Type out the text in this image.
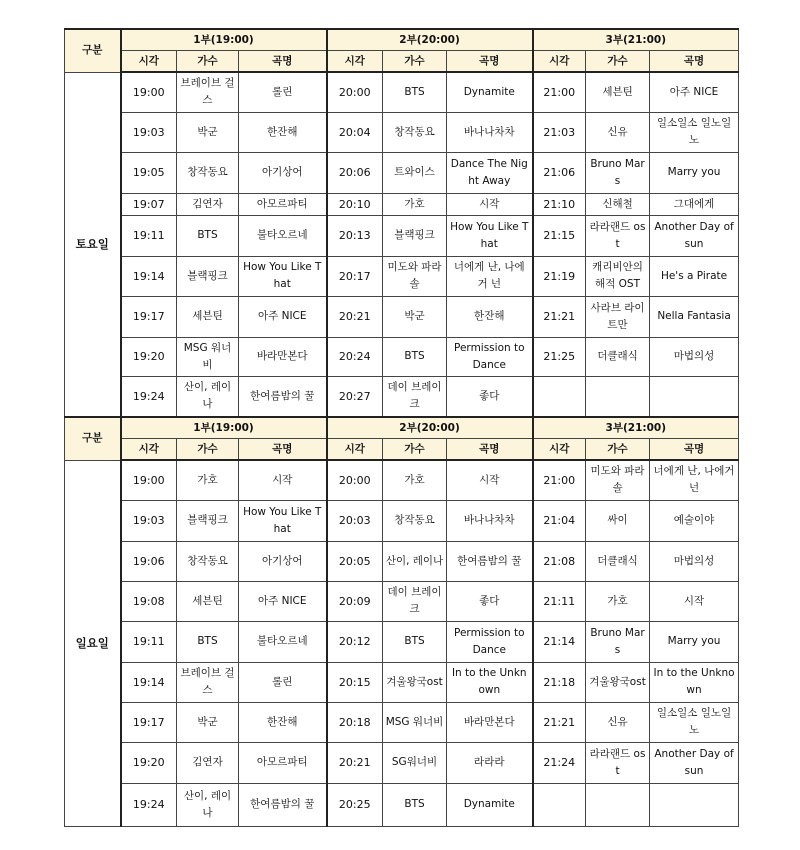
구분	1부(19:00)			2부(20:00)			3부(21:00)		
	시각	가수	곡명	시각	가수	곡명	시각	가수	곡명
토요일	19:00	브레이브 걸스	롤린	20:00	BTS	Dynamite	21:00	세븐틴	아주 NICE
	19:03	박군	한잔해	20:04	창작동요	바나나차차	21:03	신유	일소일소 일노일노
	19:05	창작동요	아기상어	20:06	트와이스	Dance The Night Away	21:06	Bruno Mars	Marry you
	19:07	김연자	아모르파티	20:10	가호	시작	21:10	신해철	그대에게
	19:11	BTS	불타오르네	20:13	블랙핑크	How You Like That	21:15	라라랜드 ost	Another Day of sun
	19:14	블랙핑크	How You Like That	20:17	미도와 파라솔	너에게 난, 나에거 넌	21:19	캐리비안의 해적 OST	He's a Pirate
	19:17	세븐틴	아주 NICE	20:21	박군	한잔해	21:21	사라브 라이트만	Nella Fantasia
	19:20	MSG 워너비	바라만본다	20:24	BTS	Permission to Dance	21:25	더클래식	마법의성
	19:24	산이, 레이나	한여름밤의 꿀	20:27	데이 브레이크	좋다			
구분	1부(19:00)			2부(20:00)			3부(21:00)		
	시각	가수	곡명	시각	가수	곡명	시각	가수	곡명
일요일	19:00	가호	시작	20:00	가호	시작	21:00	미도와 파라솔	너에게 난, 나에거 넌
	19:03	블랙핑크	How You Like That	20:03	창작동요	바나나차차	21:04	싸이	예술이야
	19:06	창작동요	아기상어	20:05	산이, 레이나	한여름밤의 꿀	21:08	더클래식	마법의성
	19:08	세븐틴	아주 NICE	20:09	데이 브레이크	좋다	21:11	가호	시작
	19:11	BTS	불타오르네	20:12	BTS	Permission to Dance	21:14	Bruno Mars	Marry you
	19:14	브레이브 걸스	롤린	20:15	겨울왕국ost	In to the Unknown	21:18	겨울왕국ost	In to the Unknown
	19:17	박군	한잔해	20:18	MSG 워너비	바라만본다	21:21	신유	일소일소 일노일노
	19:20	김연자	아모르파티	20:21	SG워너비	라라라	21:24	라라랜드 ost	Another Day of sun
	19:24	산이, 레이나	한여름밤의 꿀	20:25	BTS	Dynamite			
